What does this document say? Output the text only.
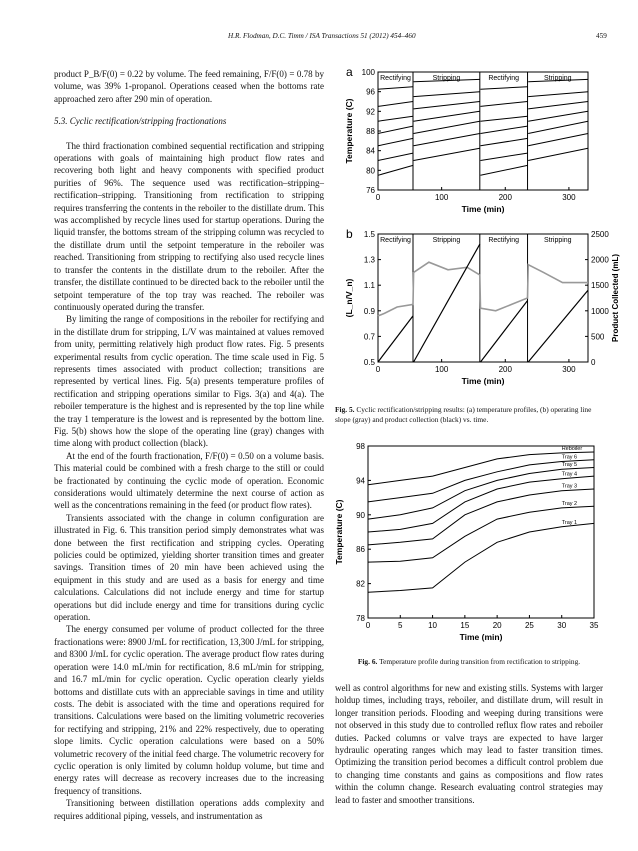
H.R. Flodman, D.C. Timm / ISA Transactions 51 (2012) 454–460	459

product P_B/F(0) = 0.22 by volume. The feed remaining, F/F(0) = 0.78 by volume, was 39% 1-propanol. Operations ceased when the bottoms rate approached zero after 290 min of operation.

5.3. Cyclic rectification/stripping fractionations

The third fractionation combined sequential rectification and stripping operations with goals of maintaining high product flow rates and recovering both light and heavy components with specified product purities of 96%. The sequence used was rectification–stripping–rectification–stripping. Transitioning from rectification to stripping requires transferring the contents in the reboiler to the distillate drum. This was accomplished by recycle lines used for startup operations. During the liquid transfer, the bottoms stream of the stripping column was recycled to the distillate drum until the setpoint temperature in the reboiler was reached. Transitioning from stripping to rectifying also used recycle lines to transfer the contents in the distillate drum to the reboiler. After the transfer, the distillate continued to be directed back to the reboiler until the setpoint temperature of the top tray was reached. The reboiler was continuously operated during the transfer.

By limiting the range of compositions in the reboiler for rectifying and in the distillate drum for stripping, L/V was maintained at values removed from unity, permitting relatively high product flow rates. Fig. 5 presents experimental results from cyclic operation. The time scale used in Fig. 5 represents times associated with product collection; transitions are represented by vertical lines. Fig. 5(a) presents temperature profiles of rectification and stripping operations similar to Figs. 3(a) and 4(a). The reboiler temperature is the highest and is represented by the top line while the tray 1 temperature is the lowest and is represented by the bottom line. Fig. 5(b) shows how the slope of the operating line (gray) changes with time along with product collection (black).

At the end of the fourth fractionation, F/F(0) = 0.50 on a volume basis. This material could be combined with a fresh charge to the still or could be fractionated by continuing the cyclic mode of operation. Economic considerations would ultimately determine the next course of action as well as the concentrations remaining in the feed (or product flow rates).

Transients associated with the change in column configuration are illustrated in Fig. 6. This transition period simply demonstrates what was done between the first rectification and stripping cycles. Operating policies could be optimized, yielding shorter transition times and greater savings. Transition times of 20 min have been achieved using the equipment in this study and are used as a basis for energy and time calculations. Calculations did not include energy and time for startup operations but did include energy and time for transitions during cyclic operation.

The energy consumed per volume of product collected for the three fractionations were: 8900 J/mL for rectification, 13,300 J/mL for stripping, and 8300 J/mL for cyclic operation. The average product flow rates during operation were 14.0 mL/min for rectification, 8.6 mL/min for stripping, and 16.7 mL/min for cyclic operation. Cyclic operation clearly yields bottoms and distillate cuts with an appreciable savings in time and utility costs. The debit is associated with the time and operations required for transitions. Calculations were based on the limiting volumetric recoveries for rectifying and stripping, 21% and 22% respectively, due to operating slope limits. Cyclic operation calculations were based on a 50% volumetric recovery of the initial feed charge. The volumetric recovery for cyclic operation is only limited by column holdup volume, but time and energy rates will decrease as recovery increases due to the increasing frequency of transitions.

Transitioning between distillation operations adds complexity and requires additional piping, vessels, and instrumentation as

0	100	200	300
76
80
84
88
92
96
100
Time (min)
Temperature (C)
a	Rectifying	Stripping	Rectifying	Stripping
0	100	200	300
0.5
0.7
0.9
1.1
1.3
1.5
Time (min)
(L_n/V_n)
b	Rectifying	Stripping	Rectifying	Stripping
0
500
1000
1500
2000
2500
Product Collected (mL)
Fig. 5. Cyclic rectification/stripping results: (a) temperature profiles, (b) operating line slope (gray) and product collection (black) vs. time.
0	5	10	15	20	25	30	35
78
82
86
90
94
98
Time (min)
Temperature (C)
Reboiler
Tray 6
Tray 5
Tray 4
Tray 3
Tray 2
Tray 1
Fig. 6. Temperature profile during transition from rectification to stripping.

well as control algorithms for new and existing stills. Systems with larger holdup times, including trays, reboiler, and distillate drum, will result in longer transition periods. Flooding and weeping during transitions were not observed in this study due to controlled reflux flow rates and reboiler duties. Packed columns or valve trays are expected to have larger hydraulic operating ranges which may lead to faster transition times. Optimizing the transition period becomes a difficult control problem due to changing time constants and gains as compositions and flow rates within the column change. Research evaluating control strategies may lead to faster and smoother transitions.
